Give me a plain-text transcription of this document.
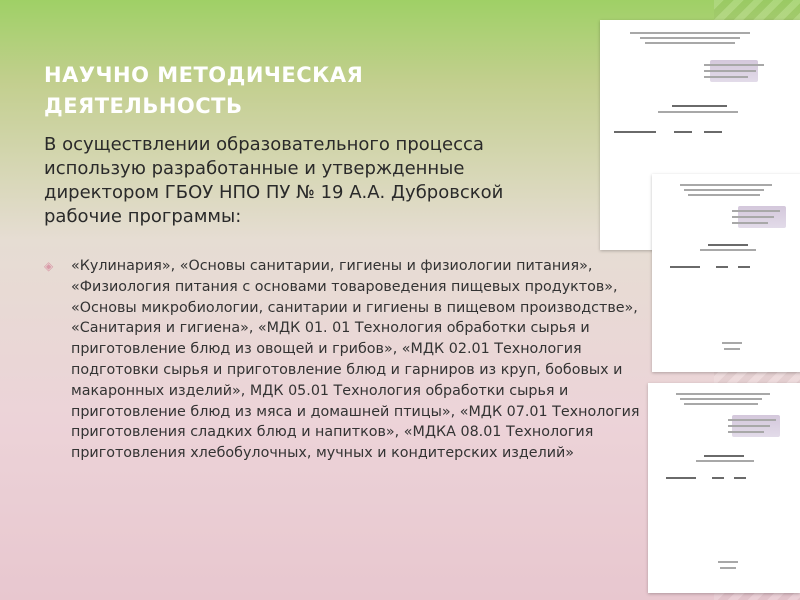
НАУЧНО МЕТОДИЧЕСКАЯ ДЕЯТЕЛЬНОСТЬ
В осуществлении образовательного процесса использую разработанные и утвержденные директором ГБОУ НПО ПУ № 19 А.А. Дубровской рабочие программы:
◈ «Кулинария», «Основы санитарии, гигиены и физиологии питания», «Физиология питания с основами товароведения пищевых продуктов», «Основы микробиологии, санитарии и гигиены в пищевом производстве», «Санитария и гигиена», «МДК 01. 01 Технология обработки сырья и приготовление блюд из овощей и грибов», «МДК 02.01 Технология подготовки сырья и приготовление блюд и гарниров из круп, бобовых и макаронных изделий», МДК 05.01 Технология обработки сырья и приготовление блюд из мяса и домашней птицы», «МДК 07.01 Технология приготовления сладких блюд и напитков», «МДКА 08.01 Технология приготовления хлебобулочных, мучных и кондитерских изделий»
